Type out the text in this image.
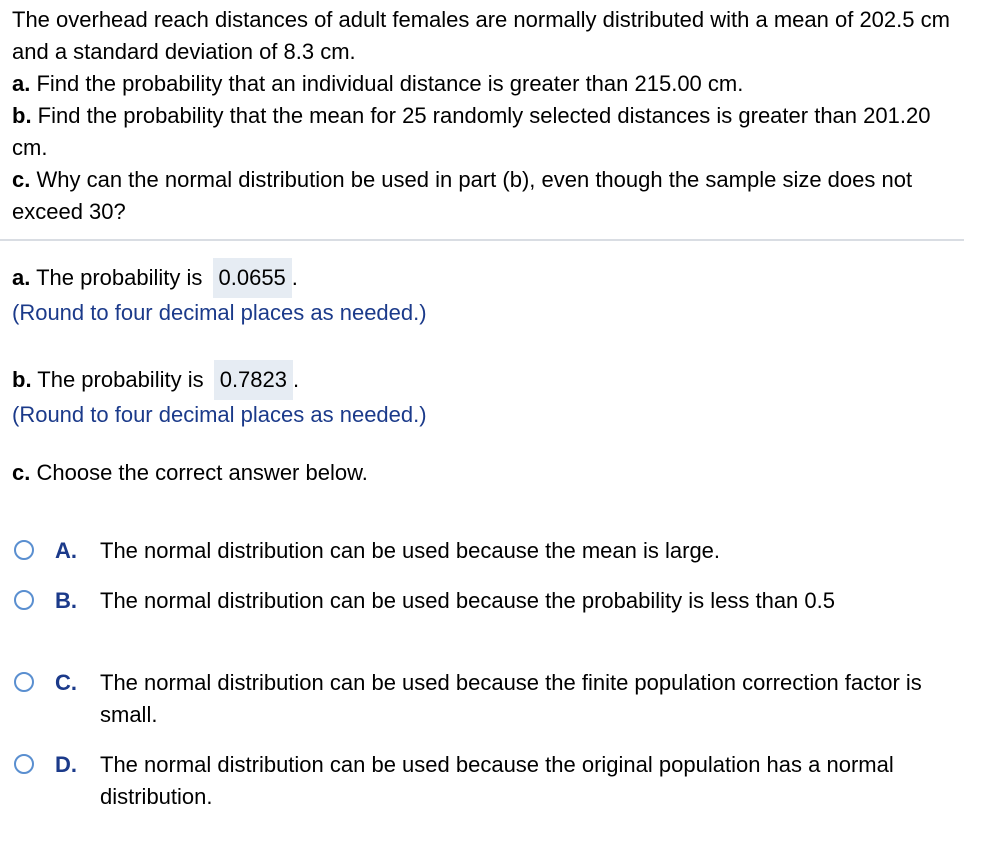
The overhead reach distances of adult females are normally distributed with a mean of 202.5 cm and a standard deviation of 8.3 cm.

a. Find the probability that an individual distance is greater than 215.00 cm.

b. Find the probability that the mean for 25 randomly selected distances is greater than 201.20 cm.

c. Why can the normal distribution be used in part (b), even though the sample size does not exceed 30?

a. The probability is 0.0655 .
(Round to four decimal places as needed.)
b. The probability is 0.7823 .
(Round to four decimal places as needed.)
c. Choose the correct answer below.
A. The normal distribution can be used because the mean is large.
B. The normal distribution can be used because the probability is less than 0.5
C. The normal distribution can be used because the finite population correction factor is small.
D. The normal distribution can be used because the original population has a normal distribution.
